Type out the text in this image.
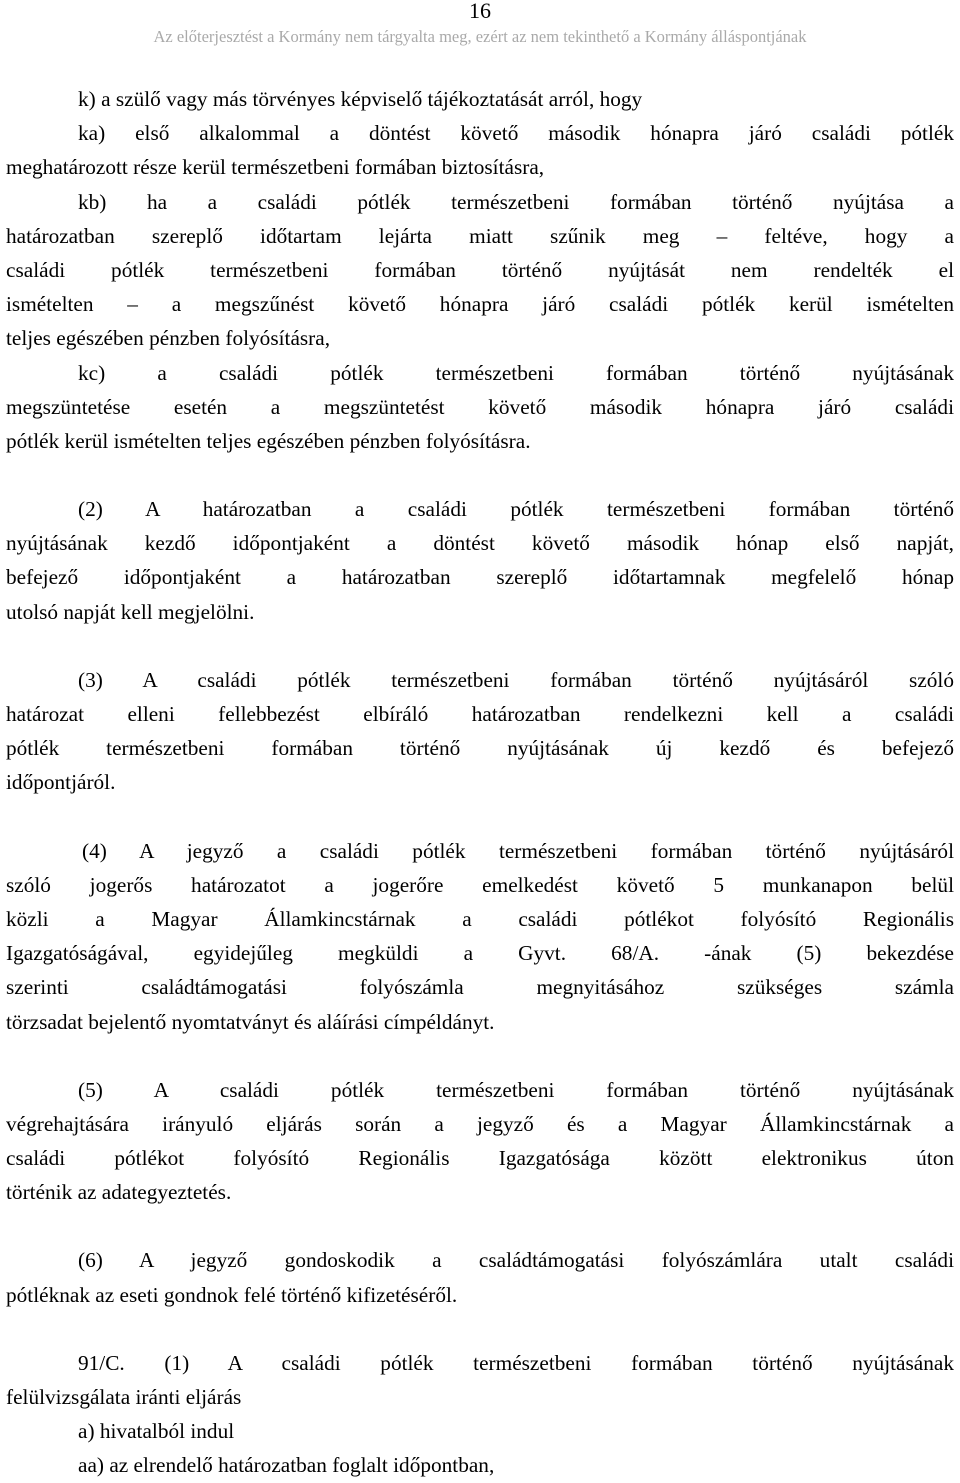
16
Az előterjesztést a Kormány nem tárgyalta meg, ezért az nem tekinthető a Kormány álláspontjának
k) a szülő vagy más törvényes képviselő tájékoztatását arról, hogy
ka) első alkalommal a döntést követő második hónapra járó családi pótlék
meghatározott része kerül természetbeni formában biztosításra,
kb) ha a családi pótlék természetbeni formában történő nyújtása a
határozatban szereplő időtartam lejárta miatt szűnik meg – feltéve, hogy a
családi pótlék természetbeni formában történő nyújtását nem rendelték el
ismételten – a megszűnést követő hónapra járó családi pótlék kerül ismételten
teljes egészében pénzben folyósításra,
kc) a családi pótlék természetbeni formában történő nyújtásának
megszüntetése esetén a megszüntetést követő második hónapra járó családi
pótlék kerül ismételten teljes egészében pénzben folyósításra.
(2) A határozatban a családi pótlék természetbeni formában történő
nyújtásának kezdő időpontjaként a döntést követő második hónap első napját,
befejező időpontjaként a határozatban szereplő időtartamnak megfelelő hónap
utolsó napját kell megjelölni.
(3) A családi pótlék természetbeni formában történő nyújtásáról szóló
határozat elleni fellebbezést elbíráló határozatban rendelkezni kell a családi
pótlék természetbeni formában történő nyújtásának új kezdő és befejező
időpontjáról.
(4) A jegyző a családi pótlék természetbeni formában történő nyújtásáról
szóló jogerős határozatot a jogerőre emelkedést követő 5 munkanapon belül
közli a Magyar Államkincstárnak a családi pótlékot folyósító Regionális
Igazgatóságával, egyidejűleg megküldi a Gyvt. 68/A. -ának (5) bekezdése
szerinti családtámogatási folyószámla megnyitásához szükséges számla
törzsadat bejelentő nyomtatványt és aláírási címpéldányt.
(5) A családi pótlék természetbeni formában történő nyújtásának
végrehajtására irányuló eljárás során a jegyző és a Magyar Államkincstárnak a
családi pótlékot folyósító Regionális Igazgatósága között elektronikus úton
történik az adategyeztetés.
(6) A jegyző gondoskodik a családtámogatási folyószámlára utalt családi
pótléknak az eseti gondnok felé történő kifizetéséről.
91/C. (1) A családi pótlék természetbeni formában történő nyújtásának
felülvizsgálata iránti eljárás
a) hivatalból indul
aa) az elrendelő határozatban foglalt időpontban,
